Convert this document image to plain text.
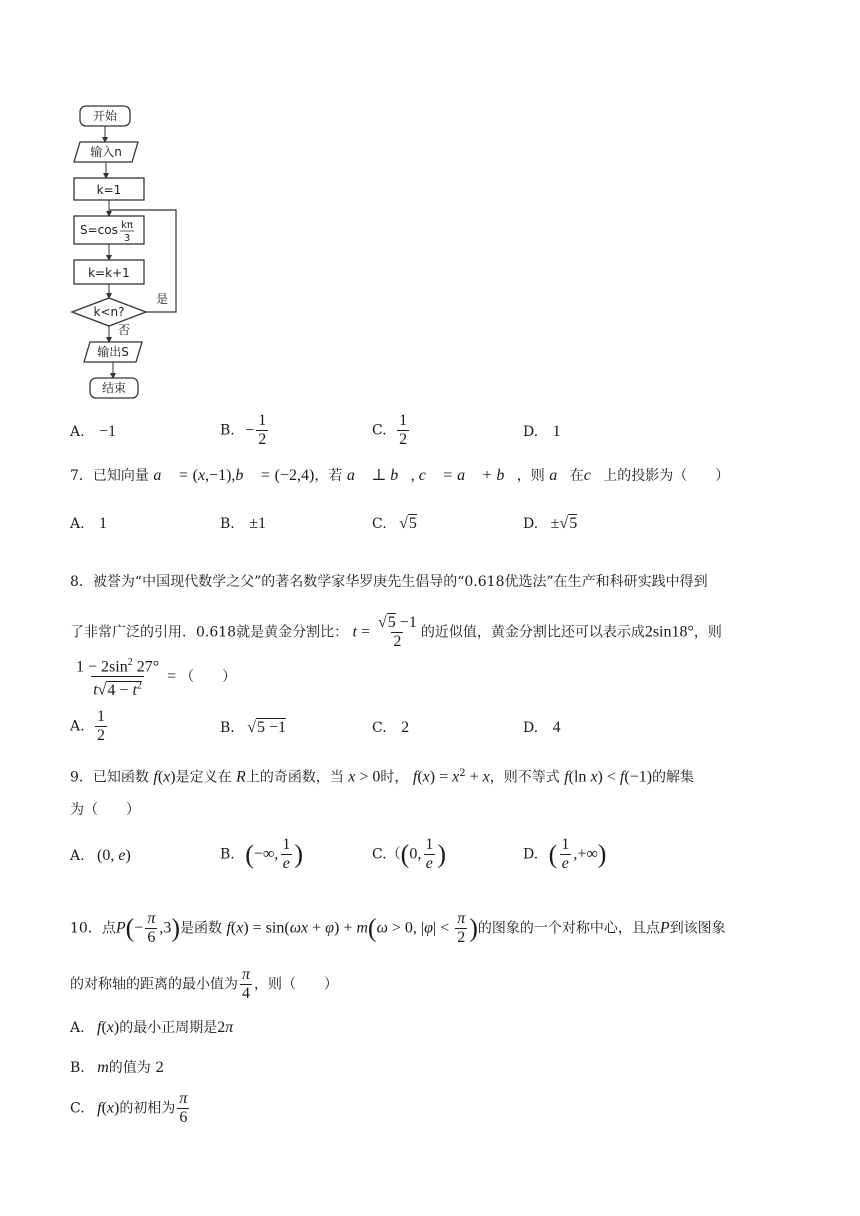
开始
输入n
k=1
S=cos kπ
3
k=k+1
k<n?
是
否
输出S
结束
A. −1	B. − $\frac{1}{2}$	C. $\frac{1}{2}$	D. 1
7．已知向量 a⃗ = (x,−1),b⃗ = (−2,4)，若 a⃗ ⊥ b⃗, c⃗ = a⃗ + b⃗，则 a⃗在c⃗上的投影为（　　）
A. 1	B. ±1	C. √5	D. ±√5
8．被誉为“中国现代数学之父”的著名数学家华罗庚先生倡导的“0.618优选法”在生产和科研实践中得到
了非常广泛的引用．0.618就是黄金分割比： $t = \frac{√5 -1}{2}$ 的近似值，黄金分割比还可以表示成2sin18°，则
$\frac{1 - 2\sin^2 27^\circ}{t√4 - t^2}$ = （　　）
A. $\frac{1}{2}$	B. √5 −1	C. 2	D. 4
9．已知函数 f(x)是定义在 R上的奇函数，当 x > 0时， $f(x) = x^2 + x$，则不等式 f(ln x) < f(−1)的解集
为（　　）
A. (0, e)	B. (−∞, $\frac{1}{e}$ )	C.（(0, $\frac{1}{e}$ )	D. ( $\frac{1}{e}$ ,+∞)
10．点$P(- \frac{\pi}{6} ,3)$是函数 f(x) = sin(ωx + φ) + m(ω > 0, $|\varphi| < \frac{\pi}{2}$ )的图象的一个对称中心，且点P到该图象
的对称轴的距离的最小值为 $\frac{\pi}{4}$ ，则（　　）
A. f(x)的最小正周期是2π
B. m的值为 2
C. f(x)的初相为 $\frac{\pi}{6}$
